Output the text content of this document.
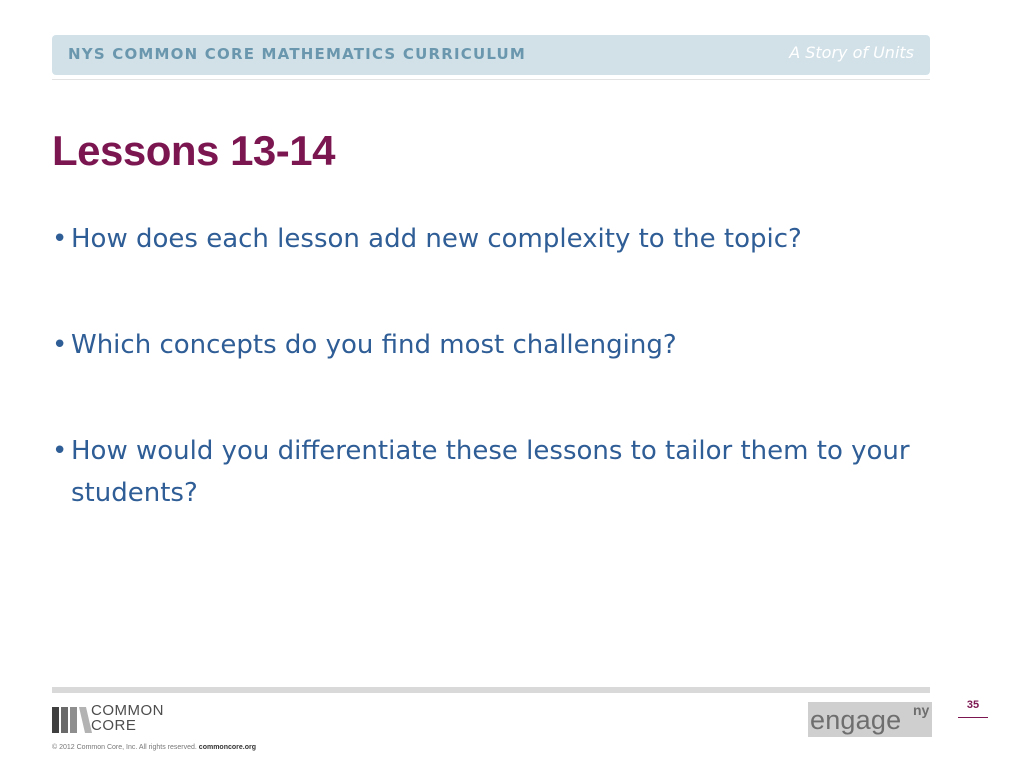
NYS COMMON CORE MATHEMATICS CURRICULUM	A Story of Units
Lessons 13-14
• How does each lesson add new complexity to the topic?
• Which concepts do you find most challenging?
• How would you differentiate these lessons to tailor them to your students?
COMMON
CORE
© 2012 Common Core, Inc. All rights reserved. commoncore.org
engage ny	35
